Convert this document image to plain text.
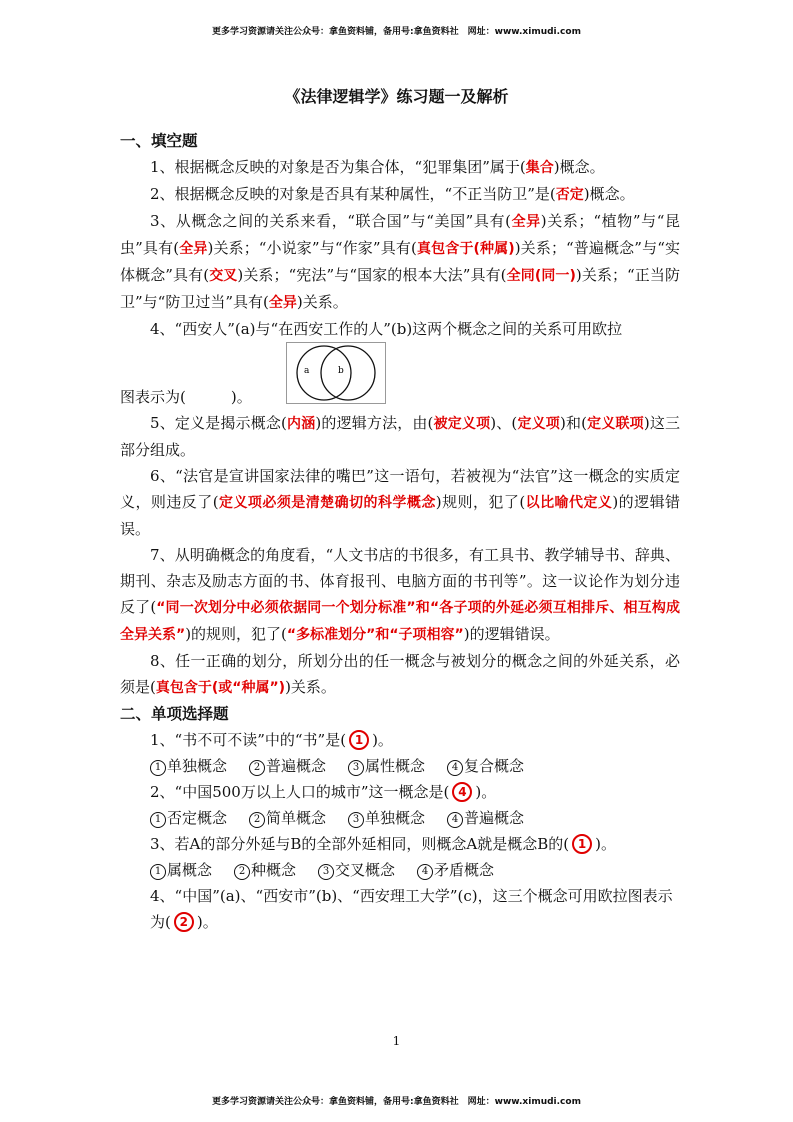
更多学习资源请关注公众号：拿鱼资料铺，备用号:拿鱼资料社　网址：www.ximudi.com
《法律逻辑学》练习题一及解析
一、填空题
1、根据概念反映的对象是否为集合体，“犯罪集团”属于(集合)概念。
2、根据概念反映的对象是否具有某种属性，“不正当防卫”是(否定)概念。
3、从概念之间的关系来看，“联合国”与“美国”具有(全异)关系；“植物”与“昆虫”具有(全异)关系；“小说家”与“作家”具有(真包含于(种属))关系；“普遍概念”与“实体概念”具有(交叉)关系；“宪法”与“国家的根本大法”具有(全同(同一))关系；“正当防卫”与“防卫过当”具有(全异)关系。
4、“西安人”(a)与“在西安工作的人”(b)这两个概念之间的关系可用欧拉
图表示为(　　　)。
a	b
5、定义是揭示概念(内涵)的逻辑方法，由(被定义项)、(定义项)和(定义联项)这三部分组成。
6、“法官是宣讲国家法律的嘴巴”这一语句，若被视为“法官”这一概念的实质定义，则违反了(定义项必须是清楚确切的科学概念)规则，犯了(以比喻代定义)的逻辑错误。
7、从明确概念的角度看，“人文书店的书很多，有工具书、教学辅导书、辞典、期刊、杂志及励志方面的书、体育报刊、电脑方面的书刊等”。这一议论作为划分违反了(“同一次划分中必须依据同一个划分标准”和“各子项的外延必须互相排斥、相互构成全异关系”)的规则，犯了(“多标准划分”和“子项相容”)的逻辑错误。
8、任一正确的划分，所划分出的任一概念与被划分的概念之间的外延关系，必须是(真包含于(或“种属”))关系。
二、单项选择题
1、“书不可不读”中的“书”是( 1 )。
1 单独概念	2 普遍概念	3 属性概念	4 复合概念
2、“中国500万以上人口的城市”这一概念是( 4 )。
1 否定概念	2 简单概念	3 单独概念	4 普遍概念
3、若A的部分外延与B的全部外延相同，则概念A就是概念B的( 1 )。
1 属概念	2 种概念	3 交叉概念	4 矛盾概念
4、“中国”(a)、“西安市”(b)、“西安理工大学”(c)，这三个概念可用欧拉图表示为( 2 )。
1
更多学习资源请关注公众号：拿鱼资料铺，备用号:拿鱼资料社　网址：www.ximudi.com
